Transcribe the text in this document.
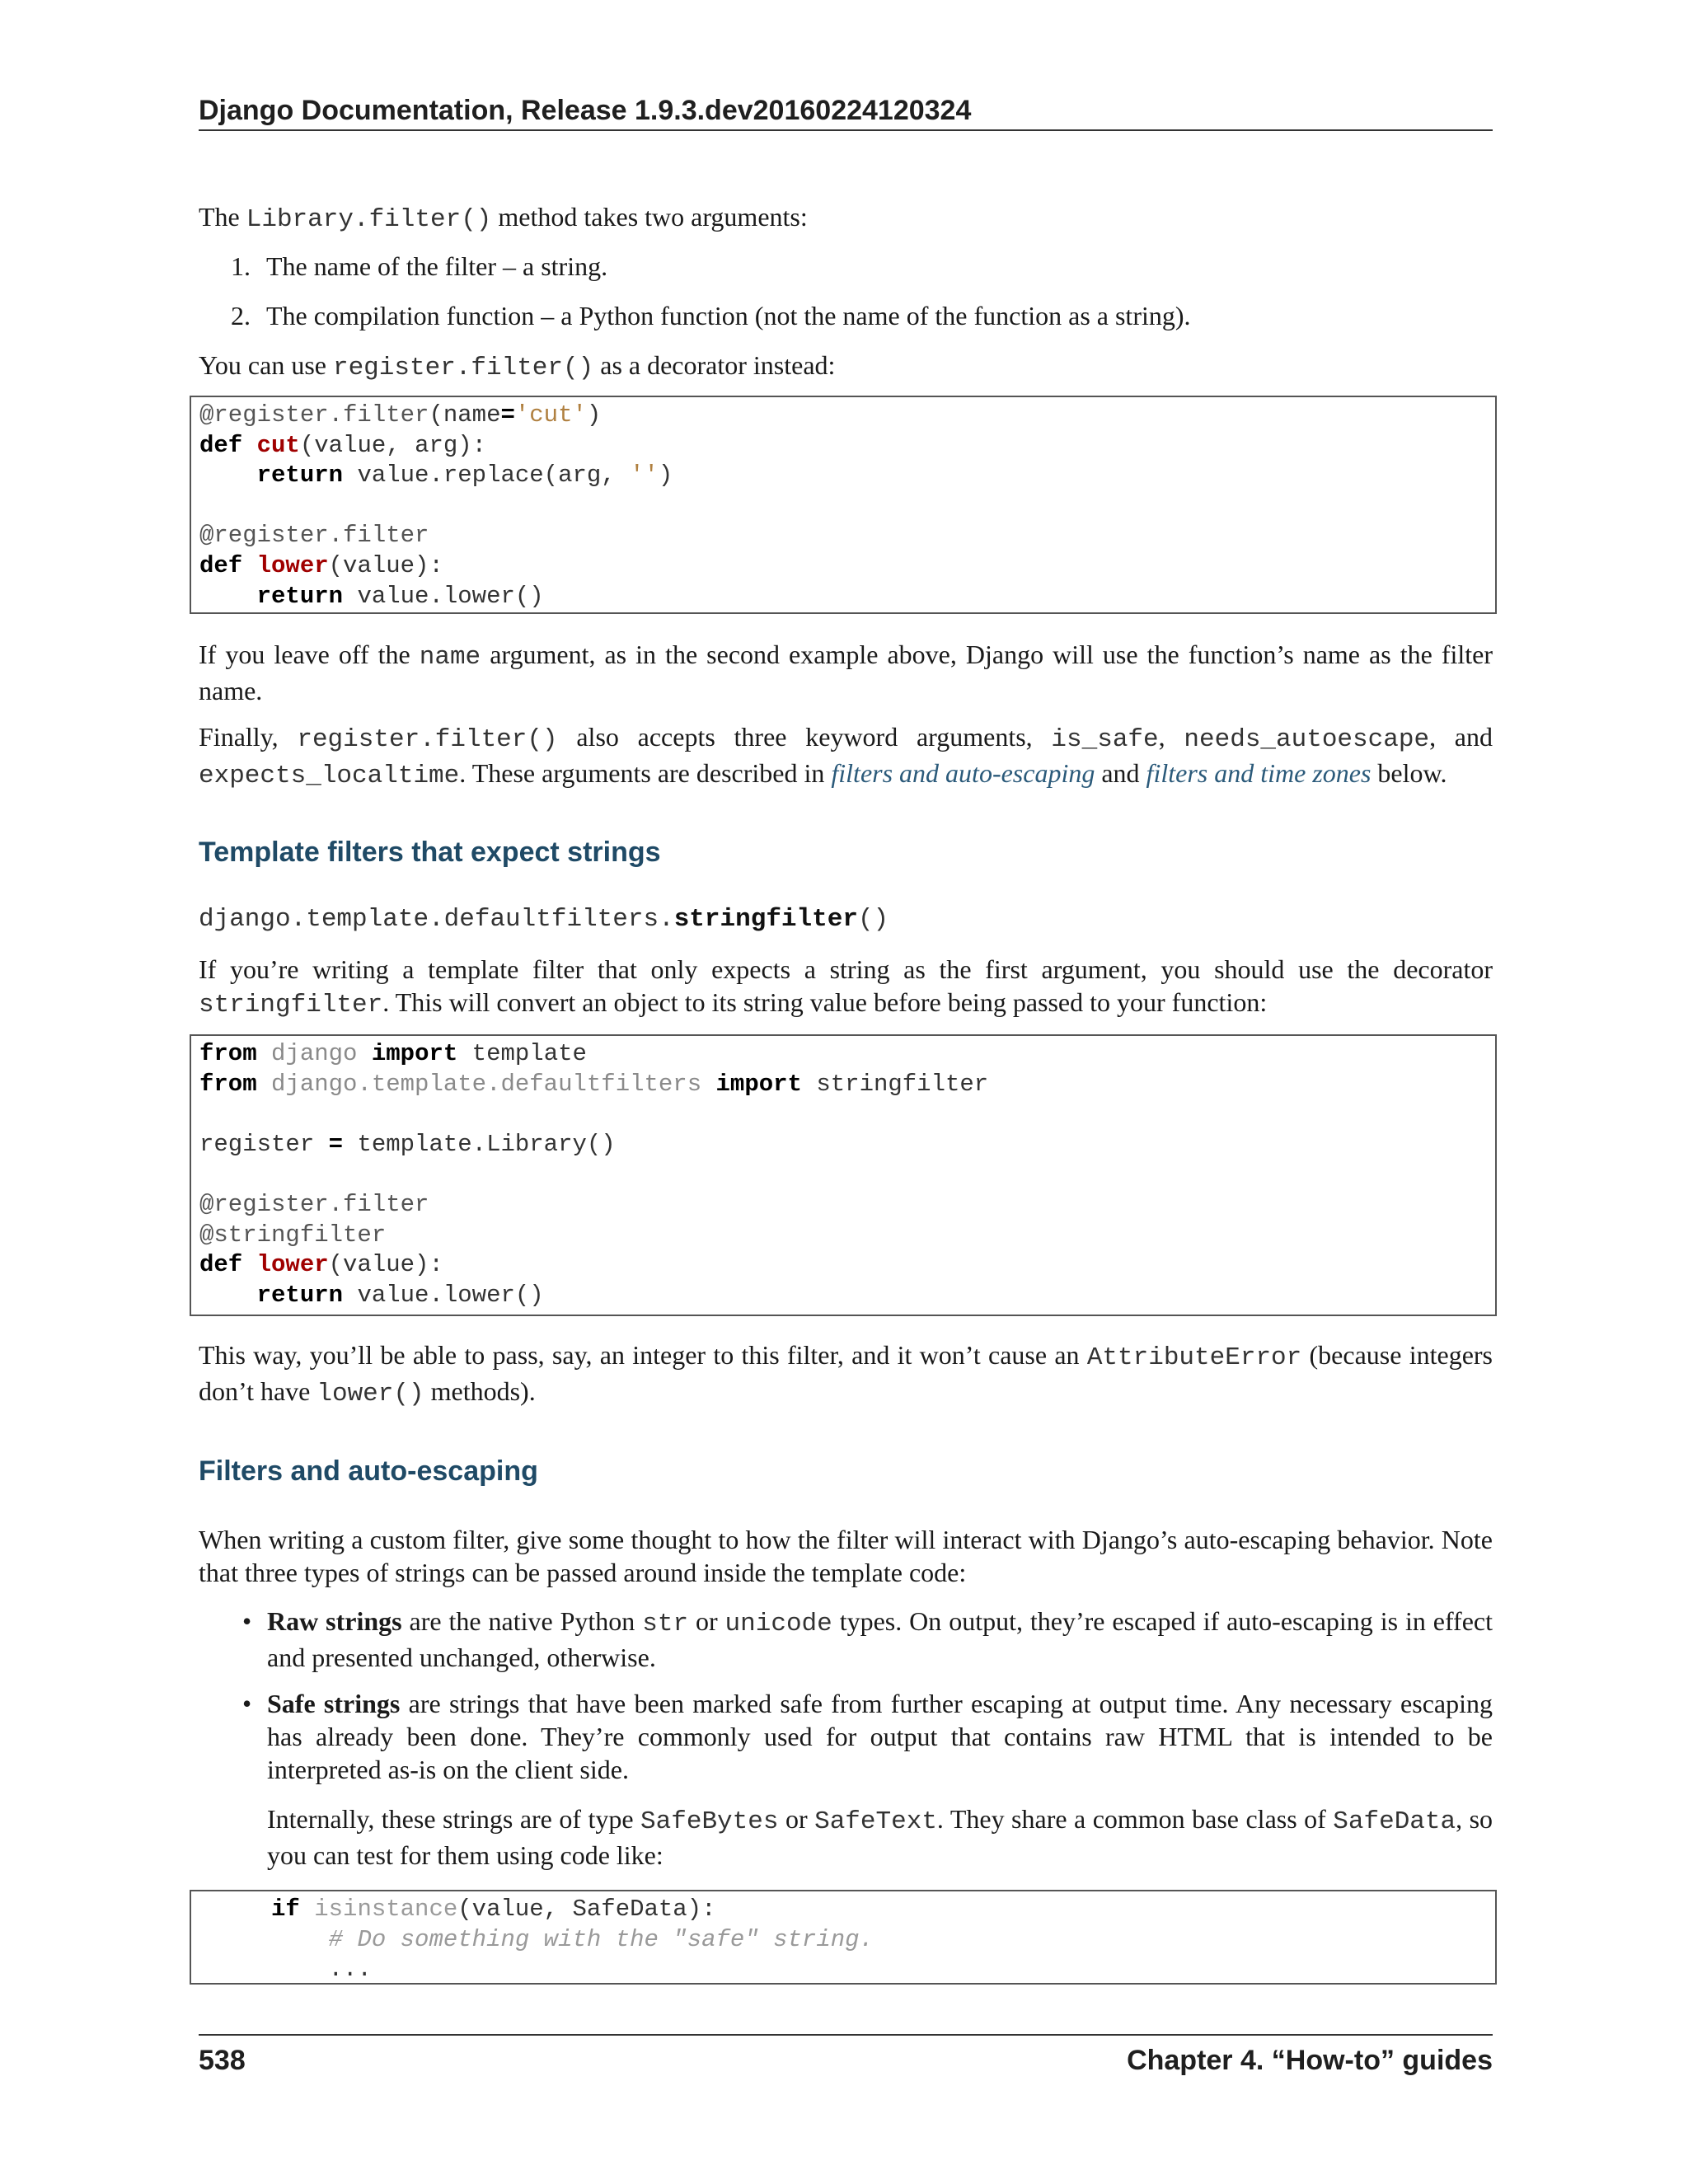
Django Documentation, Release 1.9.3.dev20160224120324
The Library.filter() method takes two arguments:
1. The name of the filter – a string.
2. The compilation function – a Python function (not the name of the function as a string).
You can use register.filter() as a decorator instead:
@register.filter(name='cut')
def cut(value, arg):
return value.replace(arg, '')
@register.filter
def lower(value):
return value.lower()
If you leave off the name argument, as in the second example above, Django will use the function’s name as the filter name.
Finally, register.filter() also accepts three keyword arguments, is_safe, needs_autoescape, and expects_localtime. These arguments are described in filters and auto-escaping and filters and time zones below.
Template filters that expect strings
django.template.defaultfilters.stringfilter()
If you’re writing a template filter that only expects a string as the first argument, you should use the decorator stringfilter. This will convert an object to its string value before being passed to your function:
from django import template
from django.template.defaultfilters import stringfilter
register = template.Library()
@register.filter
@stringfilter
def lower(value):
return value.lower()
This way, you’ll be able to pass, say, an integer to this filter, and it won’t cause an AttributeError (because integers don’t have lower() methods).
Filters and auto-escaping
When writing a custom filter, give some thought to how the filter will interact with Django’s auto-escaping behavior. Note that three types of strings can be passed around inside the template code:
• Raw strings are the native Python str or unicode types. On output, they’re escaped if auto-escaping is in effect and presented unchanged, otherwise.
• Safe strings are strings that have been marked safe from further escaping at output time. Any necessary escaping has already been done. They’re commonly used for output that contains raw HTML that is intended to be interpreted as-is on the client side.
Internally, these strings are of type SafeBytes or SafeText. They share a common base class of SafeData, so you can test for them using code like:
if isinstance(value, SafeData):
# Do something with the "safe" string.
...
538	Chapter 4. “How-to” guides
